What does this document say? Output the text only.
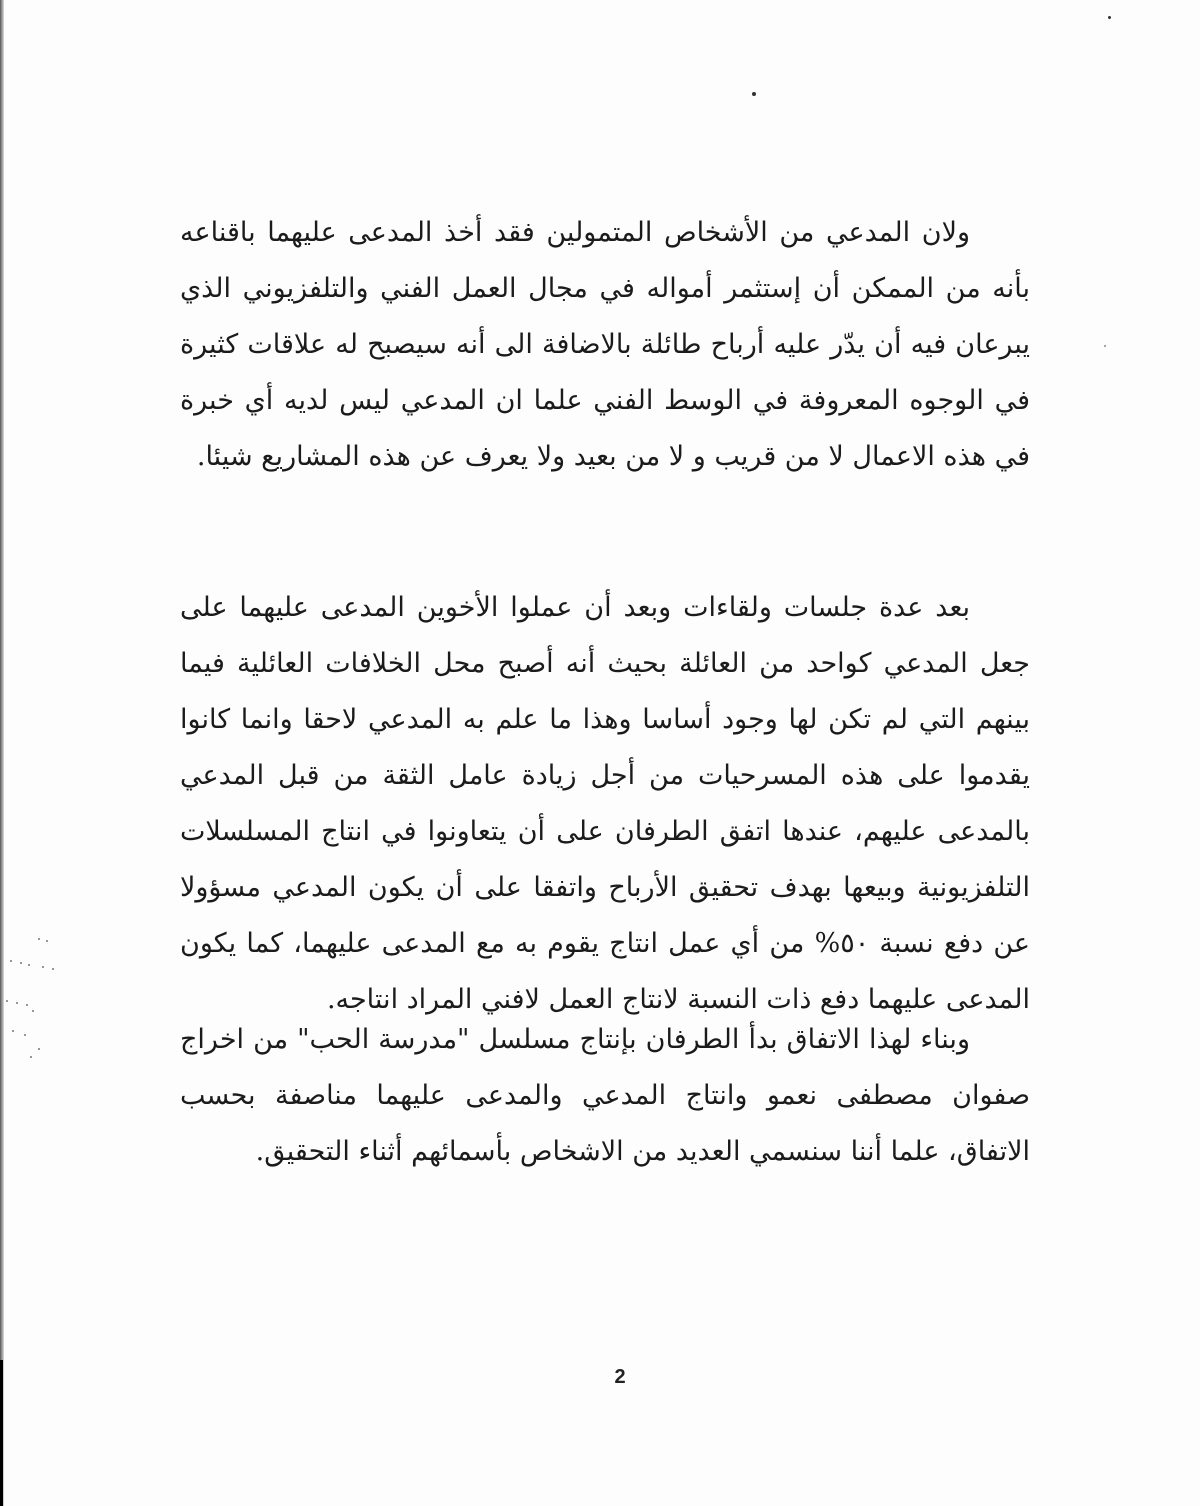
ولان المدعي من الأشخاص المتمولين فقد أخذ المدعى عليهما باقناعه بأنه من الممكن أن إستثمر أمواله في مجال العمل الفني والتلفزيوني الذي يبرعان فيه أن يدّر عليه أرباح طائلة بالاضافة الى أنه سيصبح له علاقات كثيرة في الوجوه المعروفة في الوسط الفني علما ان المدعي ليس لديه أي خبرة في هذه الاعمال لا من قريب و لا من بعيد ولا يعرف عن هذه المشاريع شيئا.

بعد عدة جلسات ولقاءات وبعد أن عملوا الأخوين المدعى عليهما على جعل المدعي كواحد من العائلة بحيث أنه أصبح محل الخلافات العائلية فيما بينهم التي لم تكن لها وجود أساسا وهذا ما علم به المدعي لاحقا وانما كانوا يقدموا على هذه المسرحيات من أجل زيادة عامل الثقة من قبل المدعي بالمدعى عليهم، عندها اتفق الطرفان على أن يتعاونوا في انتاج المسلسلات التلفزيونية وبيعها بهدف تحقيق الأرباح واتفقا على أن يكون المدعي مسؤولا عن دفع نسبة ٥٠% من أي عمل انتاج يقوم به مع المدعى عليهما، كما يكون المدعى عليهما دفع ذات النسبة لانتاج العمل لافني المراد انتاجه.

وبناء لهذا الاتفاق بدأ الطرفان بإنتاج مسلسل "مدرسة الحب" من اخراج صفوان مصطفى نعمو وانتاج المدعي والمدعى عليهما مناصفة بحسب الاتفاق، علما أننا سنسمي العديد من الاشخاص بأسمائهم أثناء التحقيق.

2
